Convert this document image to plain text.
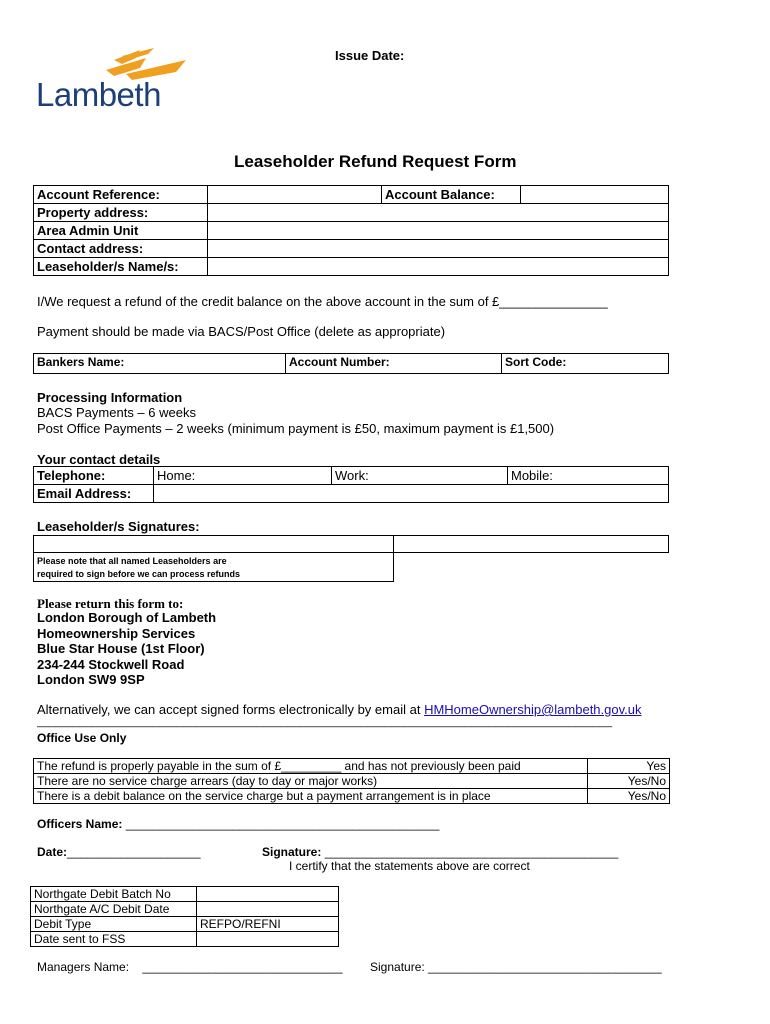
Lambeth
Issue Date:
Leaseholder Refund Request Form
Account Reference:		Account Balance:	
Property address:			
Area Admin Unit			
Contact address:			
Leaseholder/s Name/s:			
I/We request a refund of the credit balance on the above account in the sum of £_______________
Payment should be made via BACS/Post Office (delete as appropriate)
Bankers Name:	Account Number:	Sort Code:
Processing Information
BACS Payments – 6 weeks
Post Office Payments – 2 weeks (minimum payment is £50, maximum payment is £1,500)
Your contact details
Telephone:	Home:	Work:	Mobile:
Email Address:			
Leaseholder/s Signatures:

Please note that all named Leaseholders are
required to sign before we can process refunds	
Please return this form to:
London Borough of Lambeth
Homeownership Services
Blue Star House (1st Floor)
234-244 Stockwell Road
London SW9 9SP
Alternatively, we can accept signed forms electronically by email at HMHomeOwnership@lambeth.gov.uk
______________________________________________________________________________________________
Office Use Only
The refund is properly payable in the sum of £_________ and has not previously been paid	Yes
There are no service charge arrears (day to day or major works)	Yes/No
There is a debit balance on the service charge but a payment arrangement is in place	Yes/No
Officers Name: _______________________________________________
Date:____________________	Signature: ____________________________________________
I certify that the statements above are correct
Northgate Debit Batch No	
Northgate A/C Debit Date	
Debit Type	REFPO/REFNI
Date sent to FSS	
Managers Name: ______________________________ Signature: ___________________________________
